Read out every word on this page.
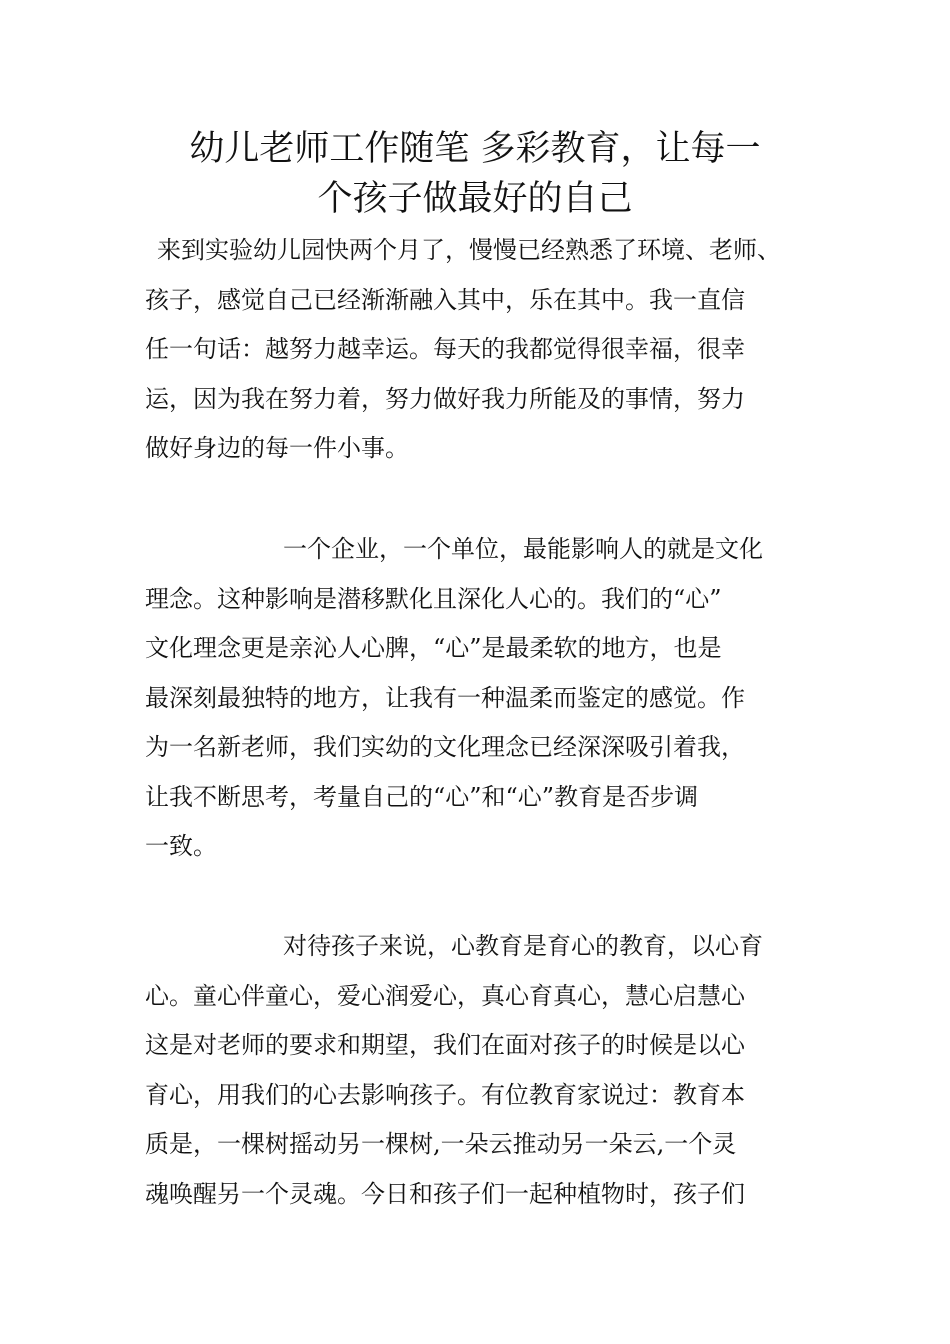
幼儿老师工作随笔 多彩教育，让每一
个孩子做最好的自己
来到实验幼儿园快两个月了，慢慢已经熟悉了环境、老师、
孩子，感觉自己已经渐渐融入其中，乐在其中。我一直信
任一句话：越努力越幸运。每天的我都觉得很幸福，很幸
运，因为我在努力着，努力做好我力所能及的事情，努力
做好身边的每一件小事。
一个企业，一个单位，最能影响人的就是文化
理念。这种影响是潜移默化且深化人心的。我们的“心”
文化理念更是亲沁人心脾，“心”是最柔软的地方，也是
最深刻最独特的地方，让我有一种温柔而鉴定的感觉。作
为一名新老师，我们实幼的文化理念已经深深吸引着我，
让我不断思考，考量自己的“心”和“心”教育是否步调
一致。
对待孩子来说，心教育是育心的教育，以心育
心。童心伴童心，爱心润爱心，真心育真心，慧心启慧心
这是对老师的要求和期望，我们在面对孩子的时候是以心
育心，用我们的心去影响孩子。有位教育家说过：教育本
质是，一棵树摇动另一棵树,一朵云推动另一朵云,一个灵
魂唤醒另一个灵魂。今日和孩子们一起种植物时，孩子们
